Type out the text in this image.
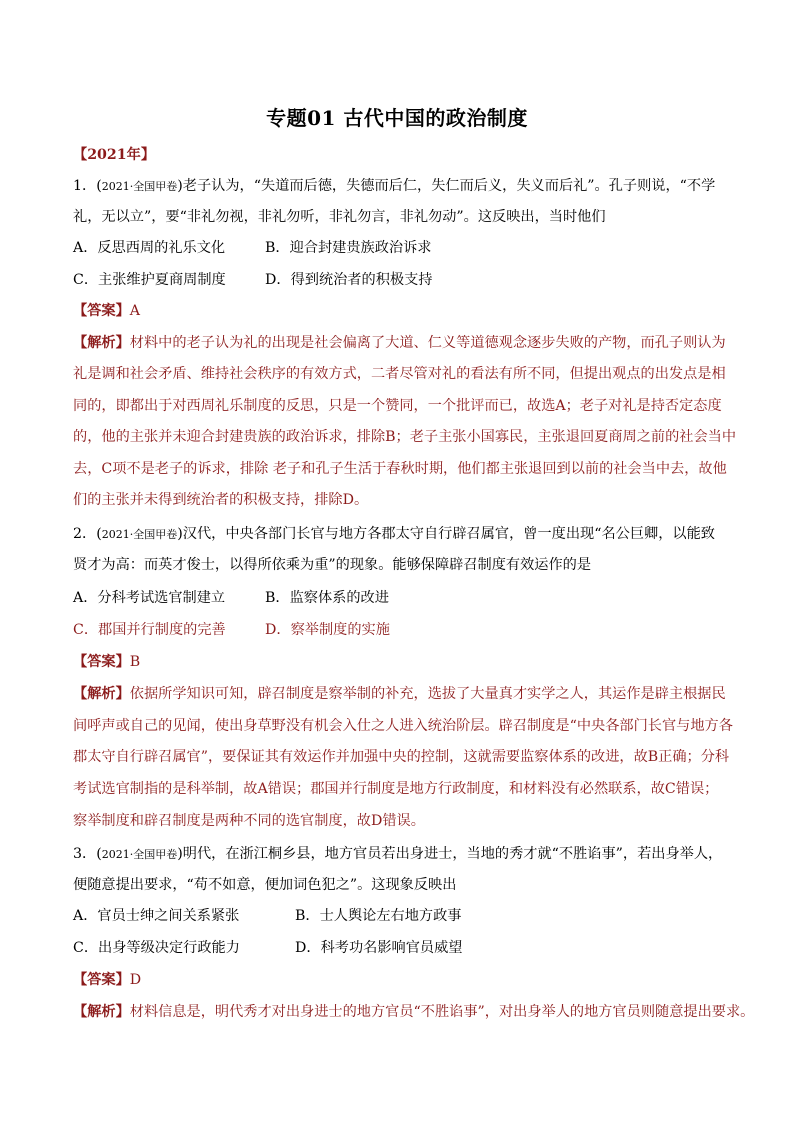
专题01 古代中国的政治制度
【2021年】
1．(2021·全国甲卷)老子认为，“失道而后德，失德而后仁，失仁而后义，失义而后礼”。孔子则说，“不学
礼，无以立”，要“非礼勿视，非礼勿听，非礼勿言，非礼勿动”。这反映出，当时他们
A．反思西周的礼乐文化	B．迎合封建贵族政治诉求
C．主张维护夏商周制度	D．得到统治者的积极支持
【答案】A
【解析】材料中的老子认为礼的出现是社会偏离了大道、仁义等道德观念逐步失败的产物，而孔子则认为
礼是调和社会矛盾、维持社会秩序的有效方式，二者尽管对礼的看法有所不同，但提出观点的出发点是相
同的，即都出于对西周礼乐制度的反思，只是一个赞同，一个批评而已，故选A；老子对礼是持否定态度
的，他的主张并未迎合封建贵族的政治诉求，排除B；老子主张小国寡民，主张退回夏商周之前的社会当中
去，C项不是老子的诉求，排除 老子和孔子生活于春秋时期，他们都主张退回到以前的社会当中去，故他
们的主张并未得到统治者的积极支持，排除D。
2．(2021·全国甲卷)汉代，中央各部门长官与地方各郡太守自行辟召属官，曾一度出现“名公巨卿，以能致
贤才为高：而英才俊士，以得所依乘为重”的现象。能够保障辟召制度有效运作的是
A．分科考试选官制建立	B．监察体系的改进
C．郡国并行制度的完善	D．察举制度的实施
【答案】B
【解析】依据所学知识可知，辟召制度是察举制的补充，选拔了大量真才实学之人，其运作是辟主根据民
间呼声或自己的见闻，使出身草野没有机会入仕之人进入统治阶层。辟召制度是“中央各部门长官与地方各
郡太守自行辟召属官”，要保证其有效运作并加强中央的控制，这就需要监察体系的改进，故B正确；分科
考试选官制指的是科举制，故A错误；郡国并行制度是地方行政制度，和材料没有必然联系，故C错误；
察举制度和辟召制度是两种不同的选官制度，故D错误。
3．(2021·全国甲卷)明代，在浙江桐乡县，地方官员若出身进士，当地的秀才就“不胜谄事”，若出身举人，
便随意提出要求，“苟不如意，便加词色犯之”。这现象反映出
A．官员士绅之间关系紧张	B．士人舆论左右地方政事
C．出身等级决定行政能力	D．科考功名影响官员威望
【答案】D
【解析】材料信息是，明代秀才对出身进士的地方官员“不胜谄事”，对出身举人的地方官员则随意提出要求。
